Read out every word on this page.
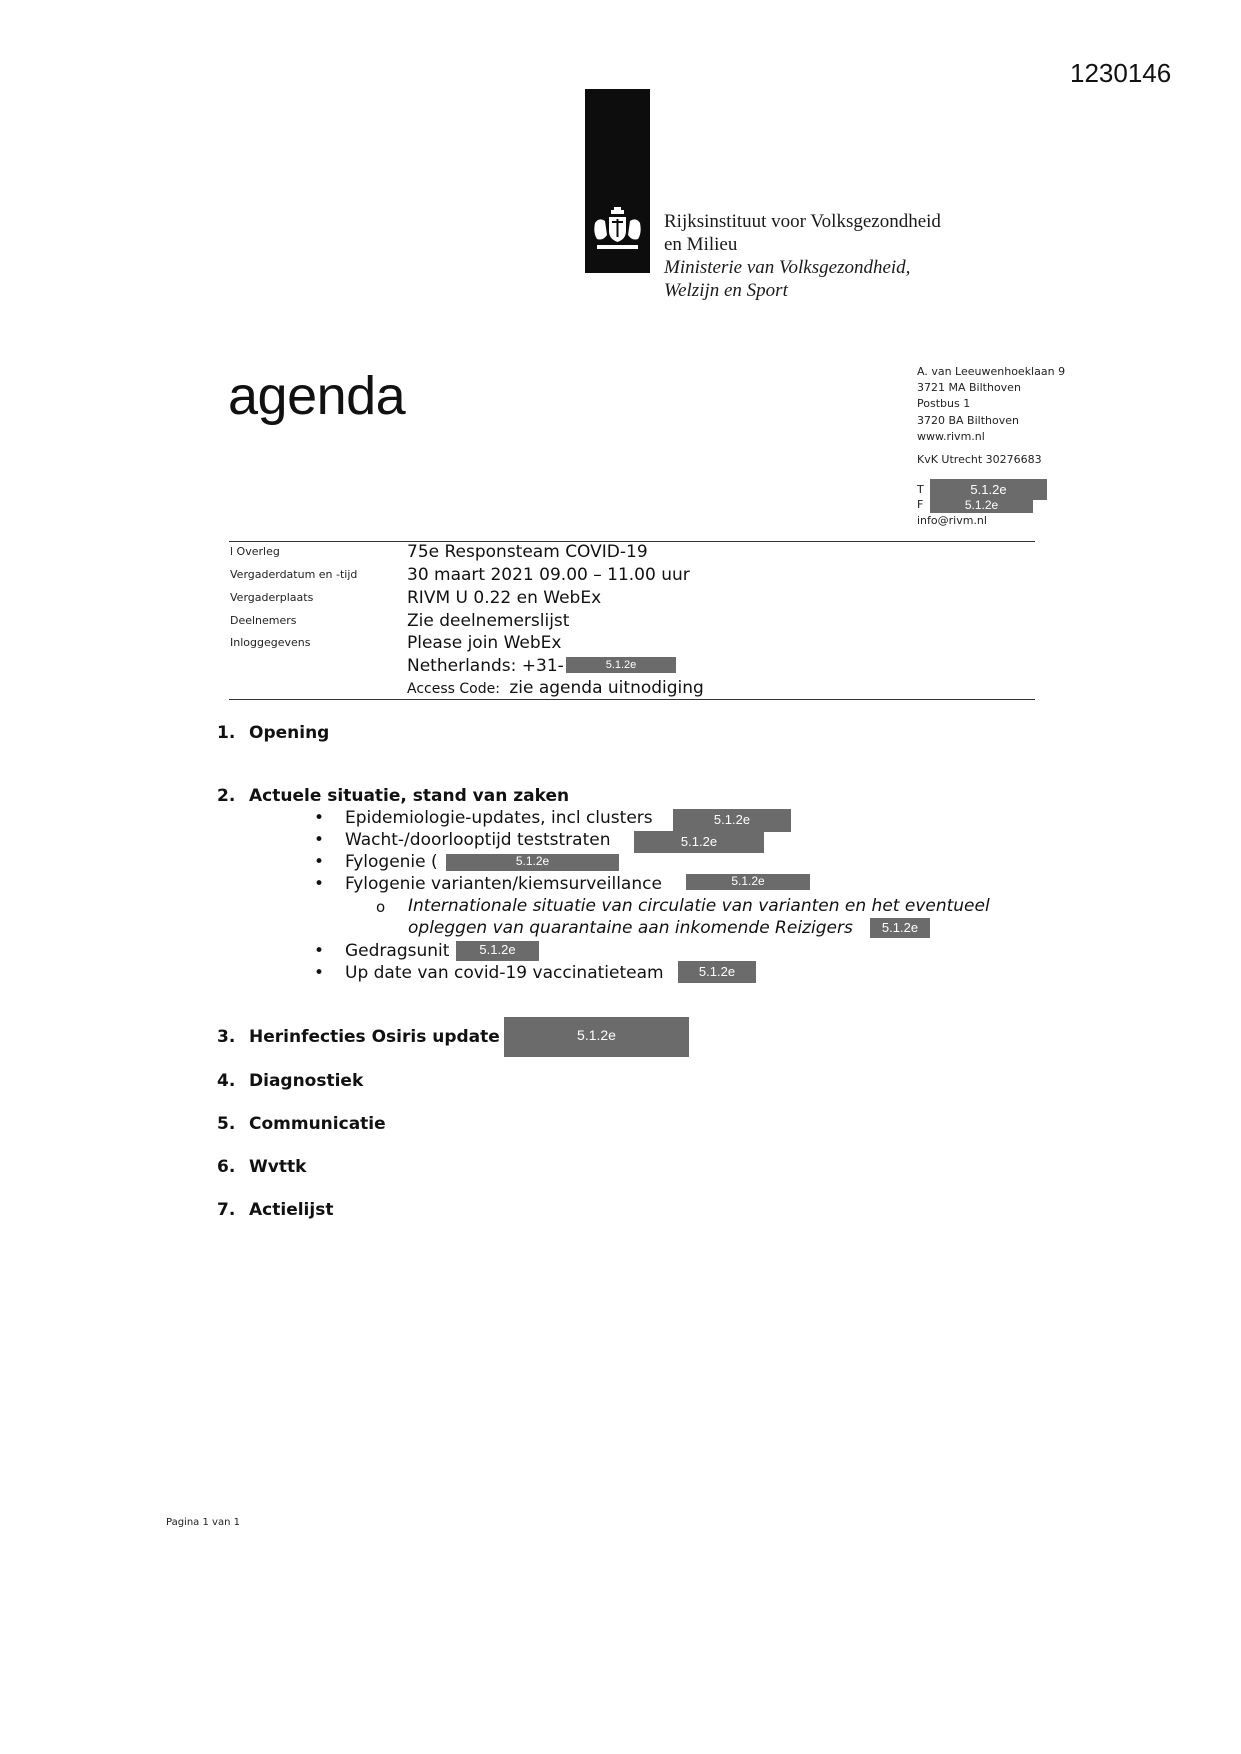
1230146
Rijksinstituut voor Volksgezondheid
en Milieu
Ministerie van Volksgezondheid,
Welzijn en Sport
agenda	A. van Leeuwenhoeklaan 9
3721 MA Bilthoven
Postbus 1
3720 BA Bilthoven
www.rivm.nl
KvK Utrecht 30276683
T	5.1.2e
F	5.1.2e
info@rivm.nl
l Overleg	75e Responsteam COVID-19
Vergaderdatum en -tijd	30 maart 2021 09.00 – 11.00 uur
Vergaderplaats	RIVM U 0.22 en WebEx
Deelnemers	Zie deelnemerslijst
Inloggegevens	Please join WebEx
Netherlands: +31-	5.1.2e
Access Code: zie agenda uitnodiging
1. Opening
2. Actuele situatie, stand van zaken
• Epidemiologie-updates, incl clusters	5.1.2e
• Wacht-/doorlooptijd teststraten	5.1.2e
• Fylogenie (	5.1.2e
• Fylogenie varianten/kiemsurveillance	5.1.2e
o Internationale situatie van circulatie van varianten en het eventueel
opleggen van quarantaine aan inkomende Reizigers	5.1.2e
• Gedragsunit	5.1.2e
• Up date van covid-19 vaccinatieteam	5.1.2e
3. Herinfecties Osiris update	5.1.2e
4. Diagnostiek
5. Communicatie
6. Wvttk
7. Actielijst
Pagina 1 van 1
